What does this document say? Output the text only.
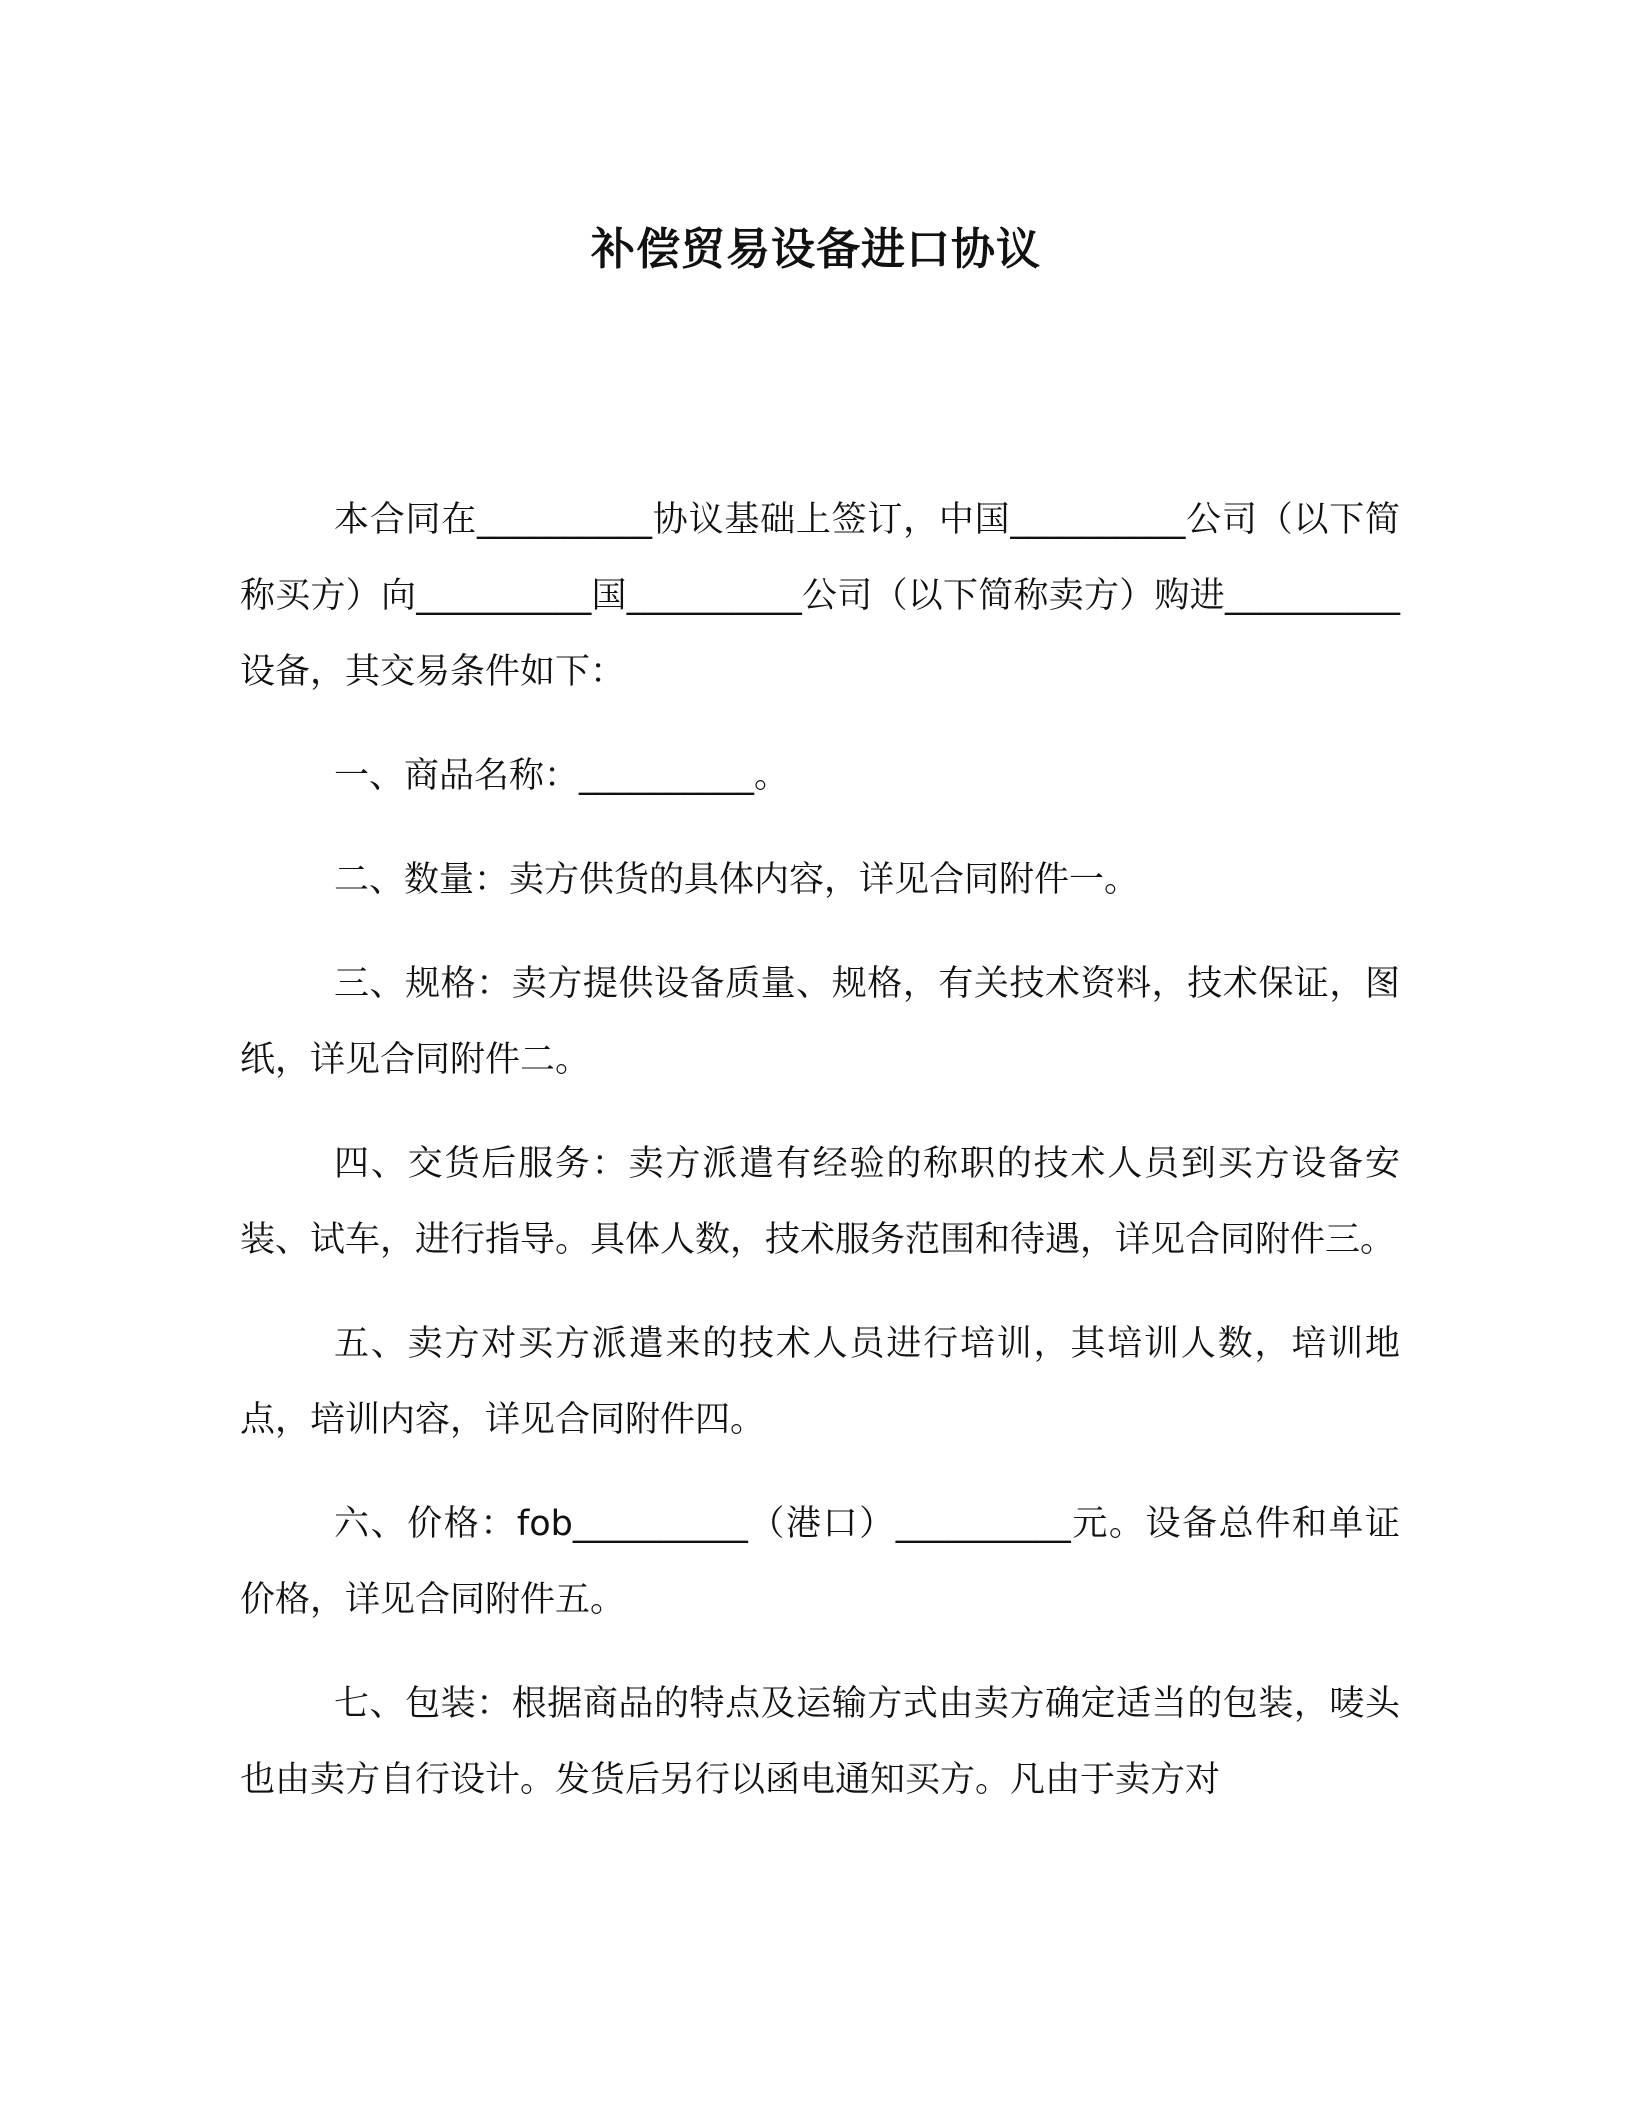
补偿贸易设备进口协议

本合同在__________协议基础上签订，中国__________公司（以下简称买方）向__________国__________公司（以下简称卖方）购进__________设备，其交易条件如下：

一、商品名称：__________。

二、数量：卖方供货的具体内容，详见合同附件一。

三、规格：卖方提供设备质量、规格，有关技术资料，技术保证，图纸，详见合同附件二。

四、交货后服务：卖方派遣有经验的称职的技术人员到买方设备安装、试车，进行指导。具体人数，技术服务范围和待遇，详见合同附件三。

五、卖方对买方派遣来的技术人员进行培训，其培训人数，培训地点，培训内容，详见合同附件四。

六、价格：fob__________（港口）__________元。设备总件和单证价格，详见合同附件五。

七、包装：根据商品的特点及运输方式由卖方确定适当的包装，唛头也由卖方自行设计。发货后另行以函电通知买方。凡由于卖方对
